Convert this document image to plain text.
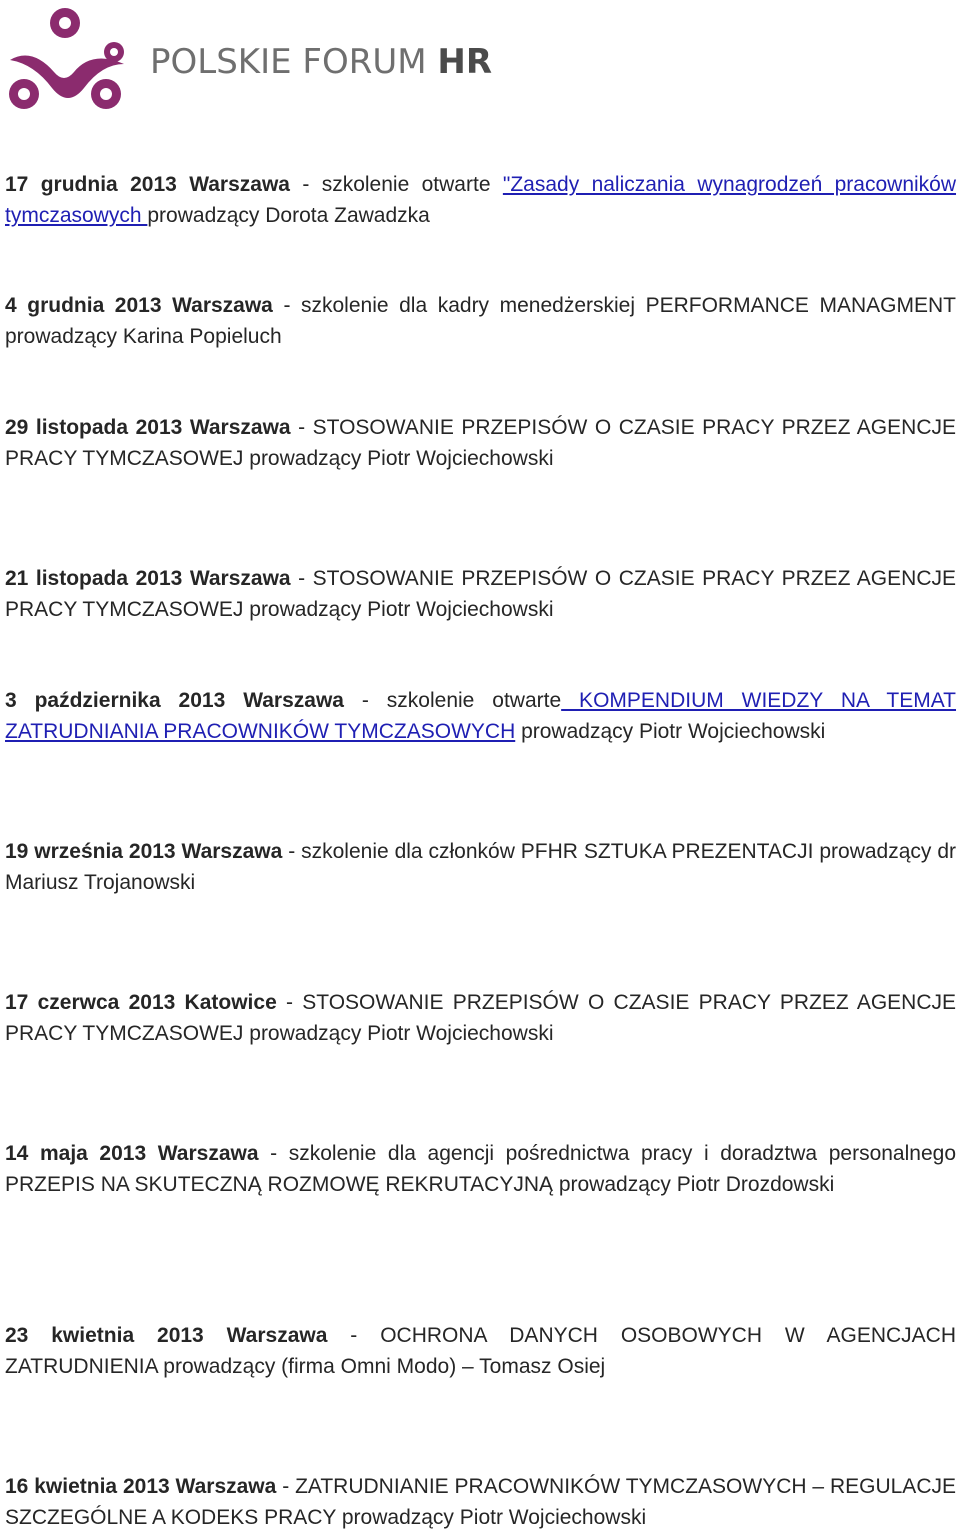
POLSKIE FORUM HR
17 grudnia 2013 Warszawa - szkolenie otwarte "Zasady naliczania wynagrodzeń pracowników tymczasowych prowadzący Dorota Zawadzka
4 grudnia 2013 Warszawa - szkolenie dla kadry menedżerskiej PERFORMANCE MANAGMENT prowadzący Karina Popieluch
29 listopada 2013 Warszawa - STOSOWANIE PRZEPISÓW O CZASIE PRACY PRZEZ AGENCJE PRACY TYMCZASOWEJ prowadzący Piotr Wojciechowski
21 listopada 2013 Warszawa - STOSOWANIE PRZEPISÓW O CZASIE PRACY PRZEZ AGENCJE PRACY TYMCZASOWEJ prowadzący Piotr Wojciechowski
3 października 2013 Warszawa - szkolenie otwarte KOMPENDIUM WIEDZY NA TEMAT ZATRUDNIANIA PRACOWNIKÓW TYMCZASOWYCH prowadzący Piotr Wojciechowski
19 września 2013 Warszawa - szkolenie dla członków PFHR SZTUKA PREZENTACJI prowadzący dr Mariusz Trojanowski
17 czerwca 2013 Katowice - STOSOWANIE PRZEPISÓW O CZASIE PRACY PRZEZ AGENCJE PRACY TYMCZASOWEJ prowadzący Piotr Wojciechowski
14 maja 2013 Warszawa - szkolenie dla agencji pośrednictwa pracy i doradztwa personalnego PRZEPIS NA SKUTECZNĄ ROZMOWĘ REKRUTACYJNĄ prowadzący Piotr Drozdowski
23 kwietnia 2013 Warszawa - OCHRONA DANYCH OSOBOWYCH W AGENCJACH ZATRUDNIENIA prowadzący (firma Omni Modo) – Tomasz Osiej
16 kwietnia 2013 Warszawa - ZATRUDNIANIE PRACOWNIKÓW TYMCZASOWYCH – REGULACJE SZCZEGÓLNE A KODEKS PRACY prowadzący Piotr Wojciechowski
